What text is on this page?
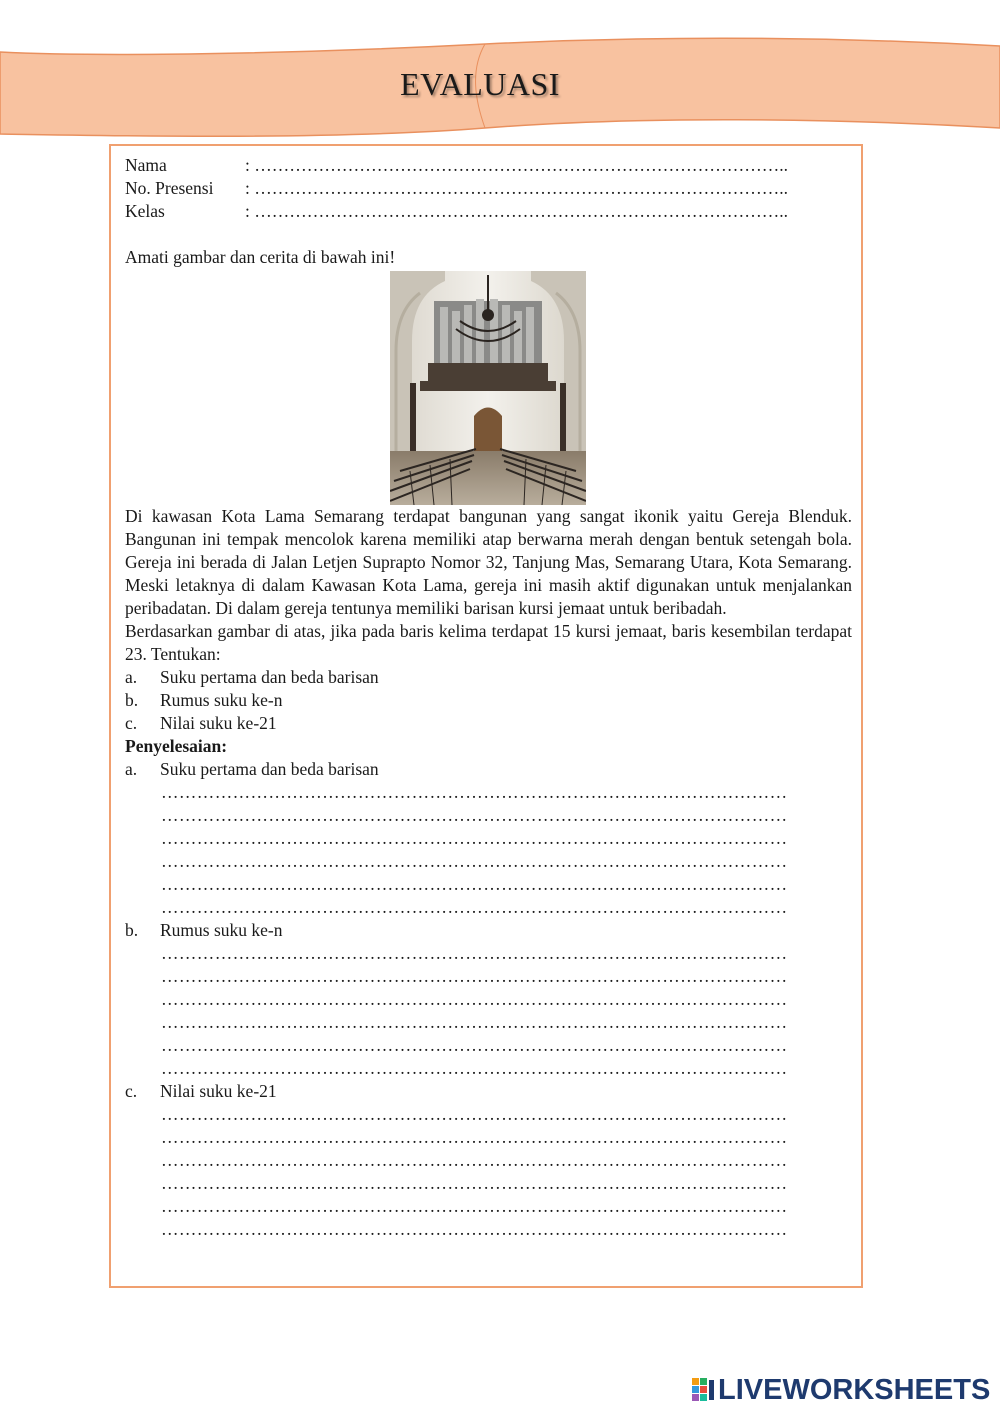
EVALUASI
Nama	: ………………………………………………………………………………..
No. Presensi	: ………………………………………………………………………………..
Kelas	: ………………………………………………………………………………..
Amati gambar dan cerita di bawah ini!

Di kawasan Kota Lama Semarang terdapat bangunan yang sangat ikonik yaitu Gereja Blenduk. Bangunan ini tempak mencolok karena memiliki atap berwarna merah dengan bentuk setengah bola. Gereja ini berada di Jalan Letjen Suprapto Nomor 32, Tanjung Mas, Semarang Utara, Kota Semarang. Meski letaknya di dalam Kawasan Kota Lama, gereja ini masih aktif digunakan untuk menjalankan peribadatan. Di dalam gereja tentunya memiliki barisan kursi jemaat untuk beribadah.

Berdasarkan gambar di atas, jika pada baris kelima terdapat 15 kursi jemaat, baris kesembilan terdapat 23. Tentukan:

a.	Suku pertama dan beda barisan
b.	Rumus suku ke-n
c.	Nilai suku ke-21
Penyelesaian:
a.	Suku pertama dan beda barisan
……………………………………………………………………………………………
……………………………………………………………………………………………
……………………………………………………………………………………………
……………………………………………………………………………………………
……………………………………………………………………………………………
……………………………………………………………………………………………
b.	Rumus suku ke-n
……………………………………………………………………………………………
……………………………………………………………………………………………
……………………………………………………………………………………………
……………………………………………………………………………………………
……………………………………………………………………………………………
……………………………………………………………………………………………
c.	Nilai suku ke-21
……………………………………………………………………………………………
……………………………………………………………………………………………
……………………………………………………………………………………………
……………………………………………………………………………………………
……………………………………………………………………………………………
……………………………………………………………………………………………
LIVEWORKSHEETS
